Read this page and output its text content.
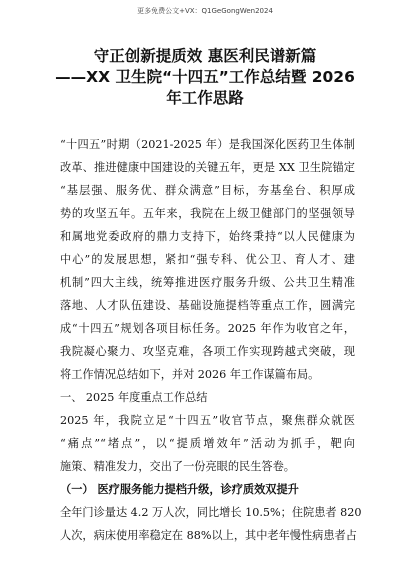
更多免费公文+VX：Q1GeGongWen2024
守正创新提质效 惠医利民谱新篇
——XX 卫生院“十四五”工作总结暨 2026
年工作思路
“十四五”时期（2021-2025 年）是我国深化医药卫生体制
改革、推进健康中国建设的关键五年，更是 XX 卫生院锚定
“基层强、服务优、群众满意”目标，夯基垒台、积厚成
势的攻坚五年。五年来，我院在上级卫健部门的坚强领导
和属地党委政府的鼎力支持下，始终秉持“以人民健康为
中心”的发展思想，紧扣“强专科、优公卫、育人才、建
机制”四大主线，统筹推进医疗服务升级、公共卫生精准
落地、人才队伍建设、基础设施提档等重点工作，圆满完
成“十四五”规划各项目标任务。2025 年作为收官之年，
我院凝心聚力、攻坚克难，各项工作实现跨越式突破，现
将工作情况总结如下，并对 2026 年工作谋篇布局。
一、 2025 年度重点工作总结
2025 年，我院立足“十四五”收官节点，聚焦群众就医
“痛点”“堵点”，以“提质增效年”活动为抓手，靶向
施策、精准发力，交出了一份亮眼的民生答卷。
（一） 医疗服务能力提档升级，诊疗质效双提升
全年门诊量达 4.2 万人次，同比增长 10.5%；住院患者 820
人次，病床使用率稳定在 88%以上，其中老年慢性病患者占
